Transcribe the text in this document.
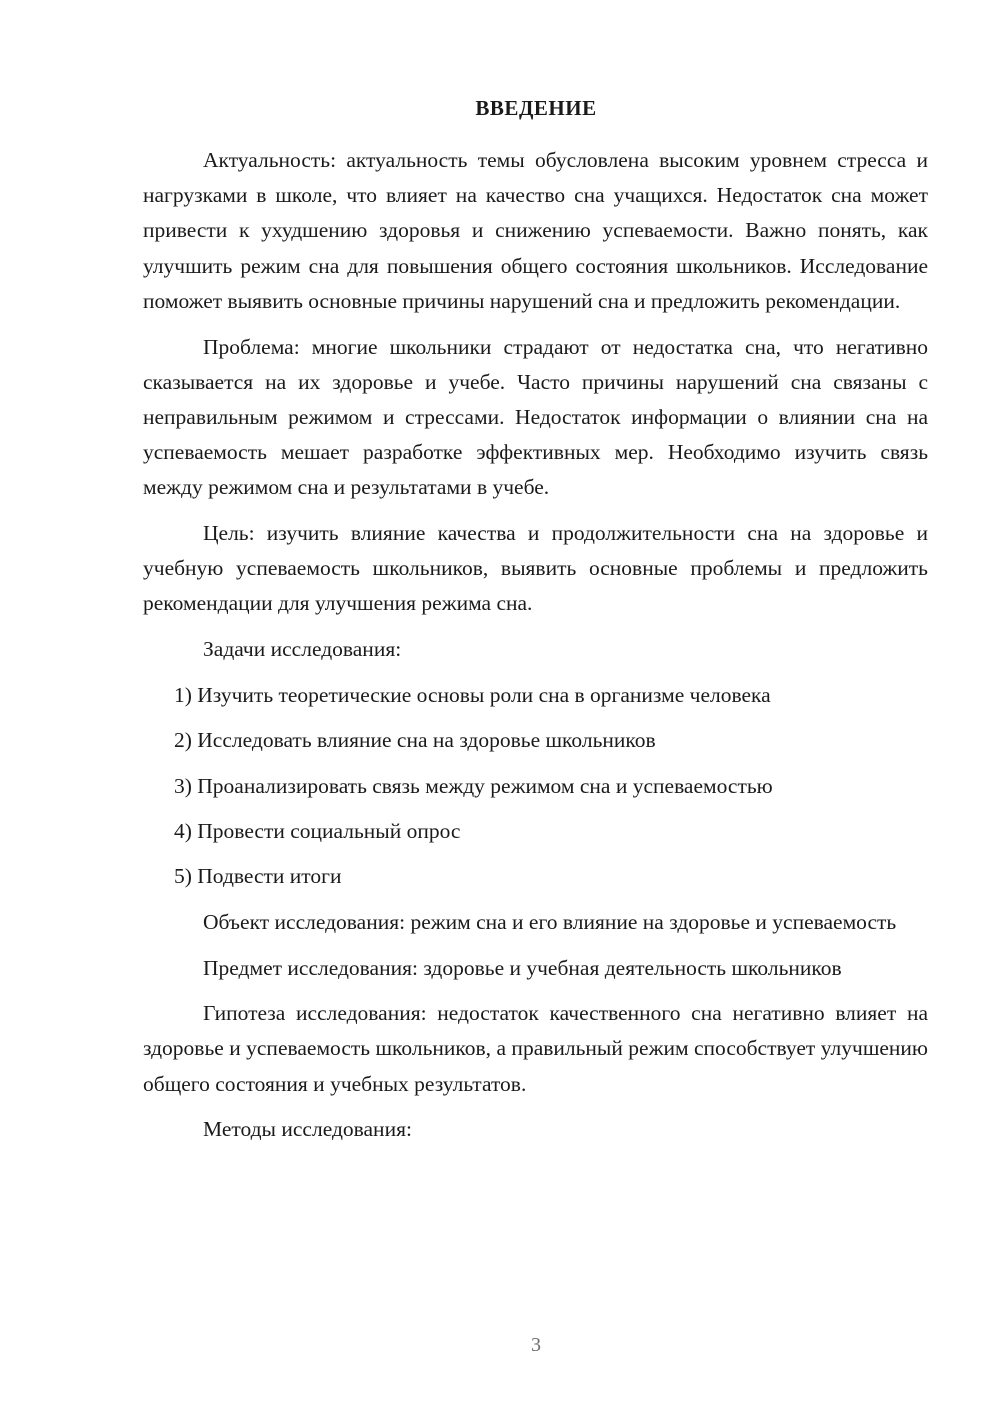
ВВЕДЕНИЕ

Актуальность: актуальность темы обусловлена высоким уровнем стресса и нагрузками в школе, что влияет на качество сна учащихся. Недостаток сна может привести к ухудшению здоровья и снижению успеваемости. Важно понять, как улучшить режим сна для повышения общего состояния школьников. Исследование поможет выявить основные причины нарушений сна и предложить рекомендации.

Проблема: многие школьники страдают от недостатка сна, что негативно сказывается на их здоровье и учебе. Часто причины нарушений сна связаны с неправильным режимом и стрессами. Недостаток информации о влиянии сна на успеваемость мешает разработке эффективных мер. Необходимо изучить связь между режимом сна и результатами в учебе.

Цель: изучить влияние качества и продолжительности сна на здоровье и учебную успеваемость школьников, выявить основные проблемы и предложить рекомендации для улучшения режима сна.

Задачи исследования:

1) Изучить теоретические основы роли сна в организме человека

2) Исследовать влияние сна на здоровье школьников

3) Проанализировать связь между режимом сна и успеваемостью

4) Провести социальный опрос

5) Подвести итоги

Объект исследования: режим сна и его влияние на здоровье и успеваемость

Предмет исследования: здоровье и учебная деятельность школьников

Гипотеза исследования: недостаток качественного сна негативно влияет на здоровье и успеваемость школьников, а правильный режим способствует улучшению общего состояния и учебных результатов.

Методы исследования:

3
